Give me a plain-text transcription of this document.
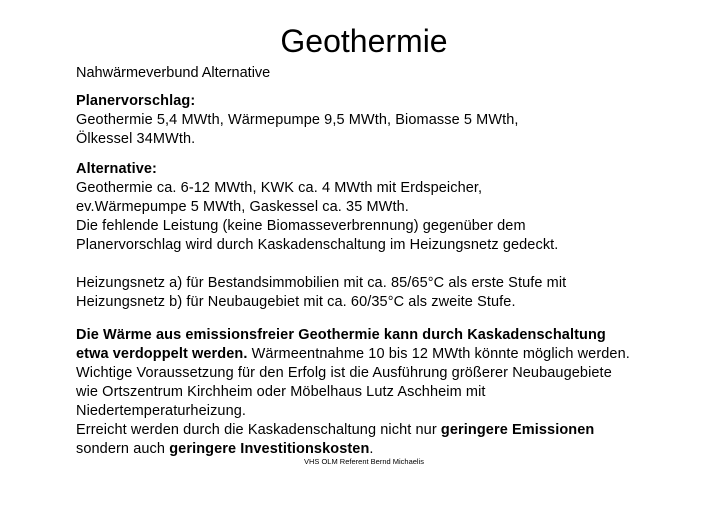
Geothermie

Nahwärmeverbund Alternative

Planervorschlag:
Geothermie 5,4 MWth, Wärmepumpe 9,5 MWth, Biomasse 5 MWth,
Ölkessel 34MWth.
Alternative:
Geothermie ca. 6-12 MWth, KWK ca. 4 MWth mit Erdspeicher,
ev.Wärmepumpe 5 MWth, Gaskessel ca. 35 MWth.
Die fehlende Leistung (keine Biomasseverbrennung) gegenüber dem
Planervorschlag wird durch Kaskadenschaltung im Heizungsnetz gedeckt.
Heizungsnetz a) für Bestandsimmobilien mit ca. 85/65°C als erste Stufe mit
Heizungsnetz b) für Neubaugebiet mit ca. 60/35°C als zweite Stufe.
Die Wärme aus emissionsfreier Geothermie kann durch Kaskadenschaltung
etwa verdoppelt werden. Wärmeentnahme 10 bis 12 MWth könnte möglich werden.
Wichtige Voraussetzung für den Erfolg ist die Ausführung größerer Neubaugebiete
wie Ortszentrum Kirchheim oder Möbelhaus Lutz Aschheim mit
Niedertemperaturheizung.
Erreicht werden durch die Kaskadenschaltung nicht nur geringere Emissionen
sondern auch geringere Investitionskosten.
VHS OLM Referent Bernd Michaelis
